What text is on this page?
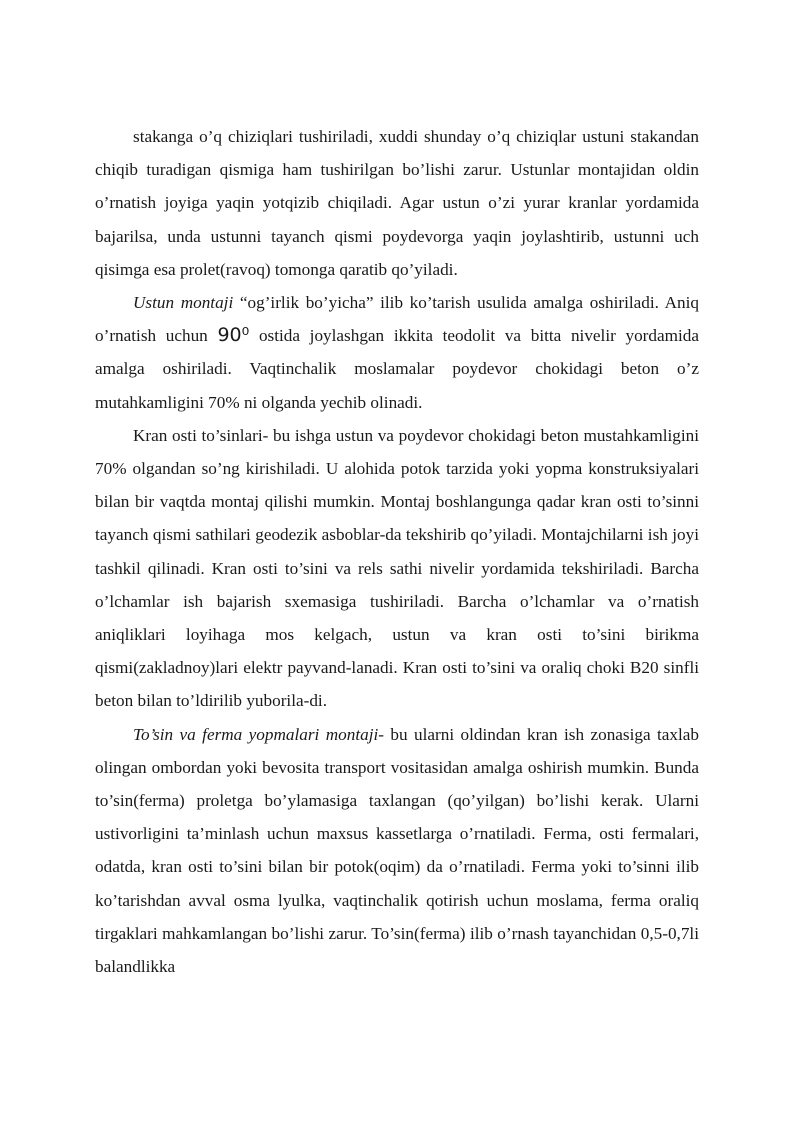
stakanga o’q chiziqlari tushiriladi, xuddi shunday o’q chiziqlar ustuni stakandan chiqib turadigan qismiga ham tushirilgan bo’lishi zarur. Ustunlar montajidan oldin o’rnatish joyiga yaqin yotqizib chiqiladi. Agar ustun o’zi yurar kranlar yordamida bajarilsa, unda ustunni tayanch qismi poydevorga yaqin joylashtirib, ustunni uch qisimga esa prolet(ravoq) tomonga qaratib qo’yiladi.

Ustun montaji “og’irlik bo’yicha” ilib ko’tarish usulida amalga oshiriladi. Aniq o’rnatish uchun 90⁰ ostida joylashgan ikkita teodolit va bitta nivelir yordamida amalga oshiriladi. Vaqtinchalik moslamalar poydevor chokidagi beton o’z mutahkamligini 70% ni olganda yechib olinadi.

Kran osti to’sinlari- bu ishga ustun va poydevor chokidagi beton mustahkamligini 70% olgandan so’ng kirishiladi. U alohida potok tarzida yoki yopma konstruksiyalari bilan bir vaqtda montaj qilishi mumkin. Montaj boshlangunga qadar kran osti to’sinni tayanch qismi sathilari geodezik asboblar-da tekshirib qo’yiladi. Montajchilarni ish joyi tashkil qilinadi. Kran osti to’sini va rels sathi nivelir yordamida tekshiriladi. Barcha o’lchamlar ish bajarish sxemasiga tushiriladi. Barcha o’lchamlar va o’rnatish aniqliklari loyihaga mos kelgach, ustun va kran osti to’sini birikma qismi(zakladnoy)lari elektr payvand-lanadi. Kran osti to’sini va oraliq choki B20 sinfli beton bilan to’ldirilib yuborila-di.

To’sin va ferma yopmalari montaji- bu ularni oldindan kran ish zonasiga taxlab olingan ombordan yoki bevosita transport vositasidan amalga oshirish mumkin. Bunda to’sin(ferma) proletga bo’ylamasiga taxlangan (qo’yilgan) bo’lishi kerak. Ularni ustivorligini ta’minlash uchun maxsus kassetlarga o’rnatiladi. Ferma, osti fermalari, odatda, kran osti to’sini bilan bir potok(oqim) da o’rnatiladi. Ferma yoki to’sinni ilib ko’tarishdan avval osma lyulka, vaqtinchalik qotirish uchun moslama, ferma oraliq tirgaklari mahkamlangan bo’lishi zarur. To’sin(ferma) ilib o’rnash tayanchidan 0,5-0,7li balandlikka
